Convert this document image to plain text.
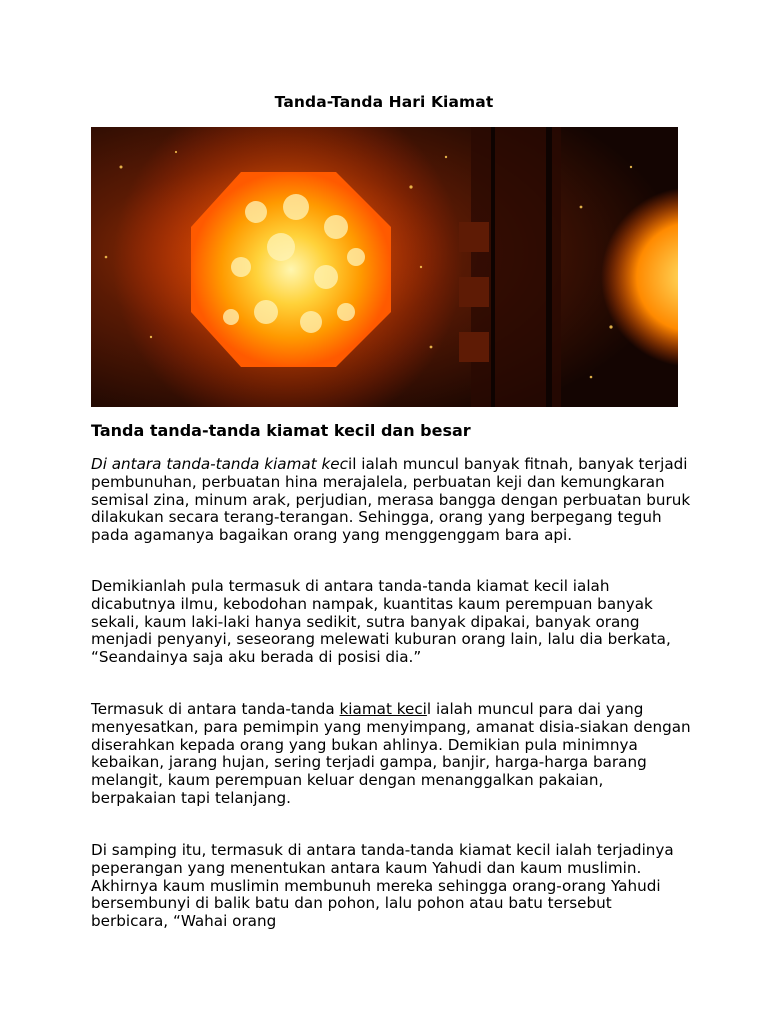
Tanda-Tanda Hari Kiamat
Tanda tanda-tanda kiamat kecil dan besar

Di antara tanda-tanda kiamat kecil ialah muncul banyak fitnah, banyak terjadi pembunuhan, perbuatan hina merajalela, perbuatan keji dan kemungkaran semisal zina, minum arak, perjudian, merasa bangga dengan perbuatan buruk dilakukan secara terang-terangan. Sehingga, orang yang berpegang teguh pada agamanya bagaikan orang yang menggenggam bara api.

Demikianlah pula termasuk di antara tanda-tanda kiamat kecil ialah dicabutnya ilmu, kebodohan nampak, kuantitas kaum perempuan banyak sekali, kaum laki-laki hanya sedikit, sutra banyak dipakai, banyak orang menjadi penyanyi, seseorang melewati kuburan orang lain, lalu dia berkata, “Seandainya saja aku berada di posisi dia.”

Termasuk di antara tanda-tanda kiamat kecil ialah muncul para dai yang menyesatkan, para pemimpin yang menyimpang, amanat disia-siakan dengan diserahkan kepada orang yang bukan ahlinya. Demikian pula minimnya kebaikan, jarang hujan, sering terjadi gampa, banjir, harga-harga barang melangit, kaum perempuan keluar dengan menanggalkan pakaian, berpakaian tapi telanjang.

Di samping itu, termasuk di antara tanda-tanda kiamat kecil ialah terjadinya peperangan yang menentukan antara kaum Yahudi dan kaum muslimin. Akhirnya kaum muslimin membunuh mereka sehingga orang-orang Yahudi bersembunyi di balik batu dan pohon, lalu pohon atau batu tersebut berbicara, “Wahai orang
